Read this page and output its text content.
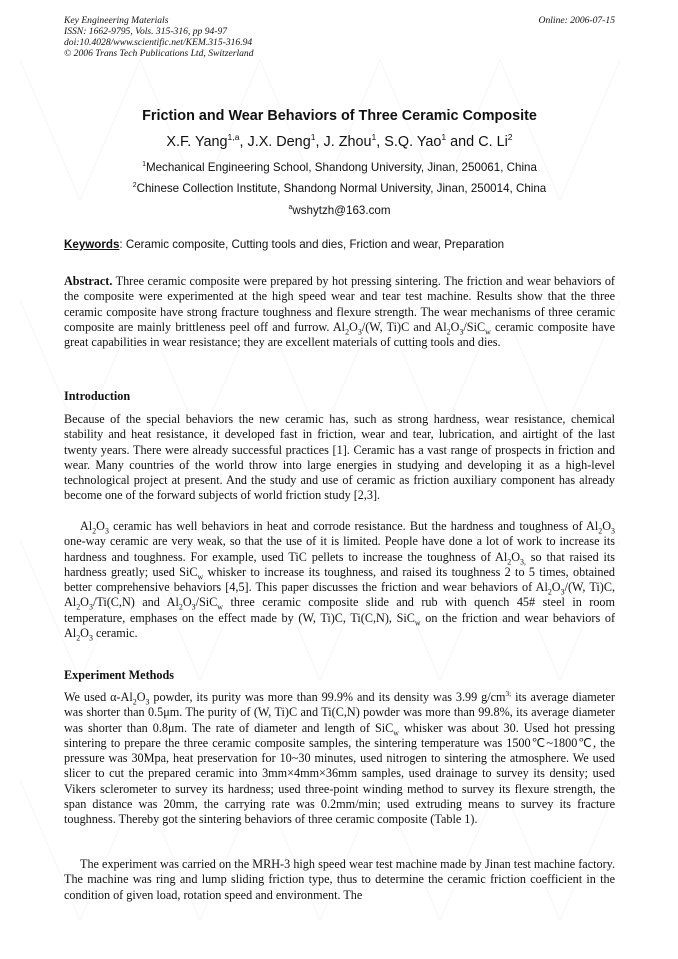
Key Engineering Materials
ISSN: 1662-9795, Vols. 315-316, pp 94-97
doi:10.4028/www.scientific.net/KEM.315-316.94
© 2006 Trans Tech Publications Ltd, Switzerland
Online: 2006-07-15
Friction and Wear Behaviors of Three Ceramic Composite
X.F. Yang$^{1,a}$, J.X. Deng$^1$, J. Zhou$^1$, S.Q. Yao$^1$ and C. Li$^2$
$^1$Mechanical Engineering School, Shandong University, Jinan, 250061, China
$^2$Chinese Collection Institute, Shandong Normal University, Jinan, 250014, China
$^a$wshytzh@163.com
Keywords: Ceramic composite, Cutting tools and dies, Friction and wear, Preparation
Abstract. Three ceramic composite were prepared by hot pressing sintering. The friction and wear behaviors of the composite were experimented at the high speed wear and tear test machine. Results show that the three ceramic composite have strong fracture toughness and flexure strength. The wear mechanisms of three ceramic composite are mainly brittleness peel off and furrow. $Al_2O_3/(W$, Ti)C and $Al_2O_3/SiC_w$ ceramic composite have great capabilities in wear resistance; they are excellent materials of cutting tools and dies.
Introduction
Because of the special behaviors the new ceramic has, such as strong hardness, wear resistance, chemical stability and heat resistance, it developed fast in friction, wear and tear, lubrication, and airtight of the last twenty years. There were already successful practices [1]. Ceramic has a vast range of prospects in friction and wear. Many countries of the world throw into large energies in studying and developing it as a high-level technological project at present. And the study and use of ceramic as friction auxiliary component has already become one of the forward subjects of world friction study [2,3].
$Al_2O_3$ ceramic has well behaviors in heat and corrode resistance. But the hardness and toughness of $Al_2O_3$ one-way ceramic are very weak, so that the use of it is limited. People have done a lot of work to increase its hardness and toughness. For example, used TiC pellets to increase the toughness of $Al_2O_{3,}$ so that raised its hardness greatly; used SiC$_w$ whisker to increase its toughness, and raised its toughness 2 to 5 times, obtained better comprehensive behaviors [4,5]. This paper discusses the friction and wear behaviors of $Al_2O_3/(W$, Ti)C, $Al_2O_3/Ti(C,N)$ and $Al_2O_3/SiC_w$ three ceramic composite slide and rub with quench 45# steel in room temperature, emphases on the effect made by (W, Ti)C, Ti(C,N), SiC$_w$ on the friction and wear behaviors of $Al_2O_3$ ceramic.
Experiment Methods
We used $\alpha-Al_2O_3$ powder, its purity was more than 99.9% and its density was 3.99 $g/cm^{3;}$ its average diameter was shorter than 0.5μm. The purity of (W, Ti)C and Ti(C,N) powder was more than 99.8%, its average diameter was shorter than 0.8μm. The rate of diameter and length of SiC$_w$ whisker was about 30. Used hot pressing sintering to prepare the three ceramic composite samples, the sintering temperature was 1500℃~1800℃, the pressure was 30Mpa, heat preservation for 10~30 minutes, used nitrogen to sintering the atmosphere. We used slicer to cut the prepared ceramic into 3mm×4mm×36mm samples, used drainage to survey its density; used Vikers sclerometer to survey its hardness; used three-point winding method to survey its flexure strength, the span distance was 20mm, the carrying rate was 0.2mm/min; used extruding means to survey its fracture toughness. Thereby got the sintering behaviors of three ceramic composite (Table 1).
The experiment was carried on the MRH-3 high speed wear test machine made by Jinan test machine factory. The machine was ring and lump sliding friction type, thus to determine the ceramic friction coefficient in the condition of given load, rotation speed and environment. The
